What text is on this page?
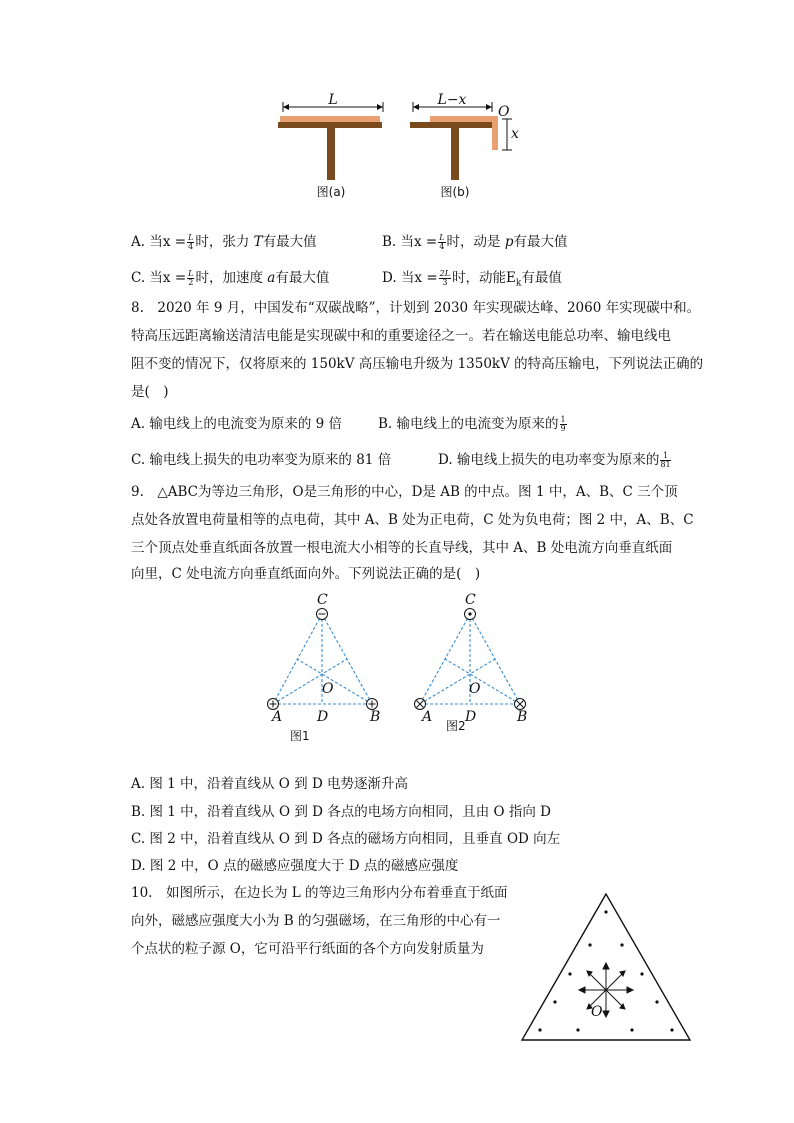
L
图(a)
L−x
O
x
图(b)
A. 当$x = \frac{L}{4}$ 时，张力 T有最大值	B. 当$x = \frac{L}{4}$ 时，动是 p有最大值
C. 当$x = \frac{L}{2}$ 时，加速度 a有最大值	D. 当$x = \frac{2L}{3}$ 时，动能$E_k$有最值
8.　2020 年 9 月，中国发布“双碳战略”，计划到 2030 年实现碳达峰、2060 年实现碳中和。
特高压远距离输送清洁电能是实现碳中和的重要途径之一。若在输送电能总功率、输电线电
阻不变的情况下，仅将原来的 150kV 高压输电升级为 1350kV 的特高压输电，下列说法正确的
是(　)
A. 输电线上的电流变为原来的 9 倍	B. 输电线上的电流变为原来的 $\frac{1}{9}$
C. 输电线上损失的电功率变为原来的 81 倍	D. 输电线上损失的电功率变为原来的 $\frac{1}{81}$
9.　△ABC为等边三角形，O是三角形的中心，D是 AB 的中点。图 1 中，A、B、C 三个顶
点处各放置电荷量相等的点电荷，其中 A、B 处为正电荷，C 处为负电荷；图 2 中，A、B、C
三个顶点处垂直纸面各放置一根电流大小相等的长直导线，其中 A、B 处电流方向垂直纸面
向里，C 处电流方向垂直纸面向外。下列说法正确的是(　)
C
O
A D	B
图1
C
O
A D	B
图2
A. 图 1 中，沿着直线从 O 到 D 电势逐渐升高
B. 图 1 中，沿着直线从 O 到 D 各点的电场方向相同，且由 O 指向 D
C. 图 2 中，沿着直线从 O 到 D 各点的磁场方向相同，且垂直 OD 向左
D. 图 2 中，O 点的磁感应强度大于 D 点的磁感应强度
10.　如图所示，在边长为 L 的等边三角形内分布着垂直于纸面
向外，磁感应强度大小为 B 的匀强磁场，在三角形的中心有一
个点状的粒子源 O，它可沿平行纸面的各个方向发射质量为
O
